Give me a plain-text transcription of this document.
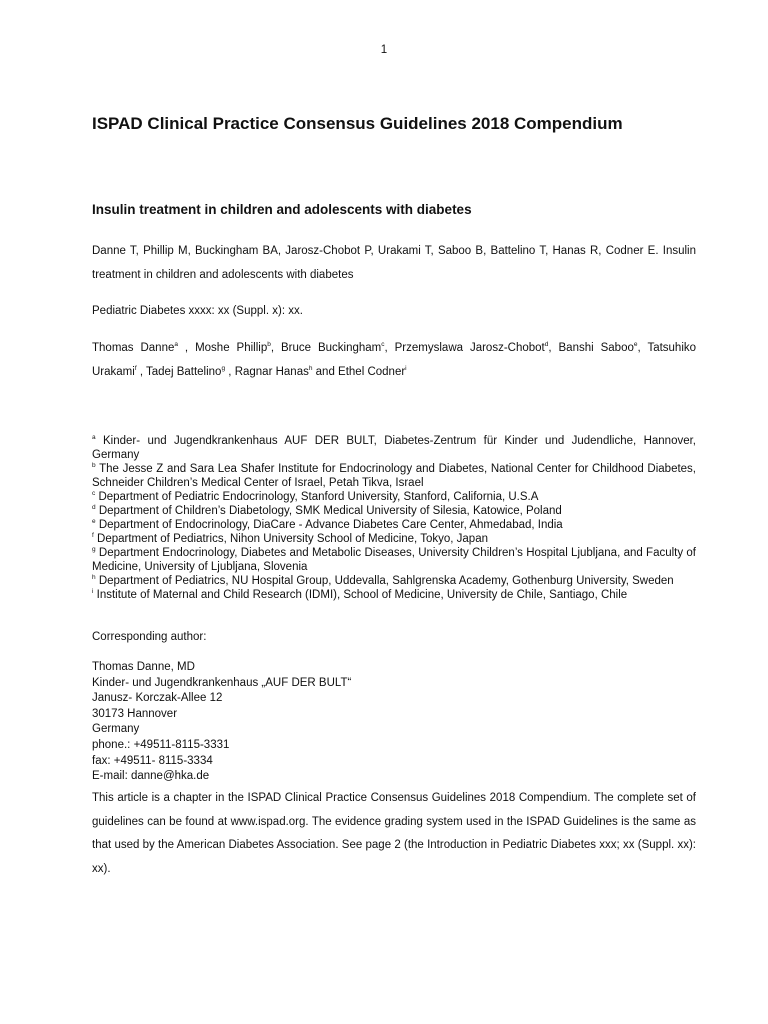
1
ISPAD Clinical Practice Consensus Guidelines 2018 Compendium
Insulin treatment in children and adolescents with diabetes

Danne T, Phillip M, Buckingham BA, Jarosz-Chobot P, Urakami T, Saboo B, Battelino T, Hanas R, Codner E. Insulin treatment in children and adolescents with diabetes

Pediatric Diabetes xxxx: xx (Suppl. x): xx.

Thomas Danne$^a$ , Moshe Phillip$^b$, Bruce Buckingham$^c$, Przemyslawa Jarosz-Chobot$^d$, Banshi Saboo$^e$, Tatsuhiko Urakami$^f$ , Tadej Battelino$^g$ , Ragnar Hanas$^h$ and Ethel Codner$^i$

$^a$ Kinder- und Jugendkrankenhaus AUF DER BULT, Diabetes-Zentrum für Kinder und Judendliche, Hannover, Germany
$^b$ The Jesse Z and Sara Lea Shafer Institute for Endocrinology and Diabetes, National Center for Childhood Diabetes, Schneider Children’s Medical Center of Israel, Petah Tikva, Israel
$^c$ Department of Pediatric Endocrinology, Stanford University, Stanford, California, U.S.A
$^d$ Department of Children’s Diabetology, SMK Medical University of Silesia, Katowice, Poland
$^e$ Department of Endocrinology, DiaCare - Advance Diabetes Care Center, Ahmedabad, India
$^f$ Department of Pediatrics, Nihon University School of Medicine, Tokyo, Japan
$^g$ Department Endocrinology, Diabetes and Metabolic Diseases, University Children’s Hospital Ljubljana, and Faculty of Medicine, University of Ljubljana, Slovenia
$^h$ Department of Pediatrics, NU Hospital Group, Uddevalla, Sahlgrenska Academy, Gothenburg University, Sweden
$^i$ Institute of Maternal and Child Research (IDMI), School of Medicine, University de Chile, Santiago, Chile

Corresponding author:

Thomas Danne, MD
Kinder- und Jugendkrankenhaus „AUF DER BULT“
Janusz- Korczak-Allee 12
30173 Hannover
Germany
phone.: +49511-8115-3331
fax: +49511- 8115-3334
E-mail: danne@hka.de

This article is a chapter in the ISPAD Clinical Practice Consensus Guidelines 2018 Compendium. The complete set of guidelines can be found at www.ispad.org. The evidence grading system used in the ISPAD Guidelines is the same as that used by the American Diabetes Association. See page 2 (the Introduction in Pediatric Diabetes xxx; xx (Suppl. xx): xx).
